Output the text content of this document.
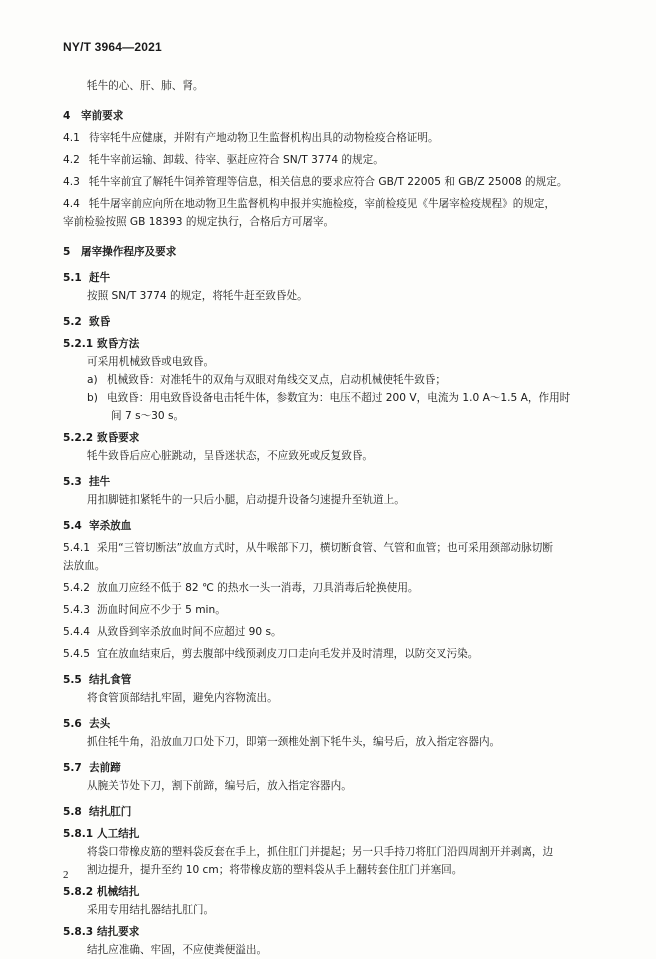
NY/T 3964—2021
牦牛的心、肝、肺、肾。
4	宰前要求
4.1 待宰牦牛应健康，并附有产地动物卫生监督机构出具的动物检疫合格证明。
4.2 牦牛宰前运输、卸载、待宰、驱赶应符合 SN/T 3774 的规定。
4.3 牦牛宰前宜了解牦牛饲养管理等信息，相关信息的要求应符合 GB/T 22005 和 GB/Z 25008 的规定。
4.4 牦牛屠宰前应向所在地动物卫生监督机构申报并实施检疫，宰前检疫见《牛屠宰检疫规程》的规定，
宰前检验按照 GB 18393 的规定执行，合格后方可屠宰。
5	屠宰操作程序及要求
5.1 赶牛
按照 SN/T 3774 的规定，将牦牛赶至致昏处。
5.2 致昏
5.2.1 致昏方法
可采用机械致昏或电致昏。
a) 机械致昏：对准牦牛的双角与双眼对角线交叉点，启动机械使牦牛致昏；
b) 电致昏：用电致昏设备电击牦牛体，参数宜为：电压不超过 200 V，电流为 1.0 A～1.5 A，作用时
间 7 s～30 s。
5.2.2 致昏要求
牦牛致昏后应心脏跳动，呈昏迷状态，不应致死或反复致昏。
5.3 挂牛
用扣脚链扣紧牦牛的一只后小腿，启动提升设备匀速提升至轨道上。
5.4 宰杀放血
5.4.1 采用“三管切断法”放血方式时，从牛喉部下刀，横切断食管、气管和血管；也可采用颈部动脉切断
法放血。
5.4.2 放血刀应经不低于 82 ℃ 的热水一头一消毒，刀具消毒后轮换使用。
5.4.3 沥血时间应不少于 5 min。
5.4.4 从致昏到宰杀放血时间不应超过 90 s。
5.4.5 宜在放血结束后，剪去腹部中线预剥皮刀口走向毛发并及时清理，以防交叉污染。
5.5 结扎食管
将食管顶部结扎牢固，避免内容物流出。
5.6 去头
抓住牦牛角，沿放血刀口处下刀，即第一颈椎处割下牦牛头，编号后，放入指定容器内。
5.7 去前蹄
从腕关节处下刀，割下前蹄，编号后，放入指定容器内。
5.8 结扎肛门
5.8.1 人工结扎
将袋口带橡皮筋的塑料袋反套在手上，抓住肛门并提起；另一只手持刀将肛门沿四周割开并剥离，边
割边提升，提升至约 10 cm；将带橡皮筋的塑料袋从手上翻转套住肛门并塞回。
5.8.2 机械结扎
采用专用结扎器结扎肛门。
5.8.3 结扎要求
结扎应准确、牢固，不应使粪便溢出。
2
